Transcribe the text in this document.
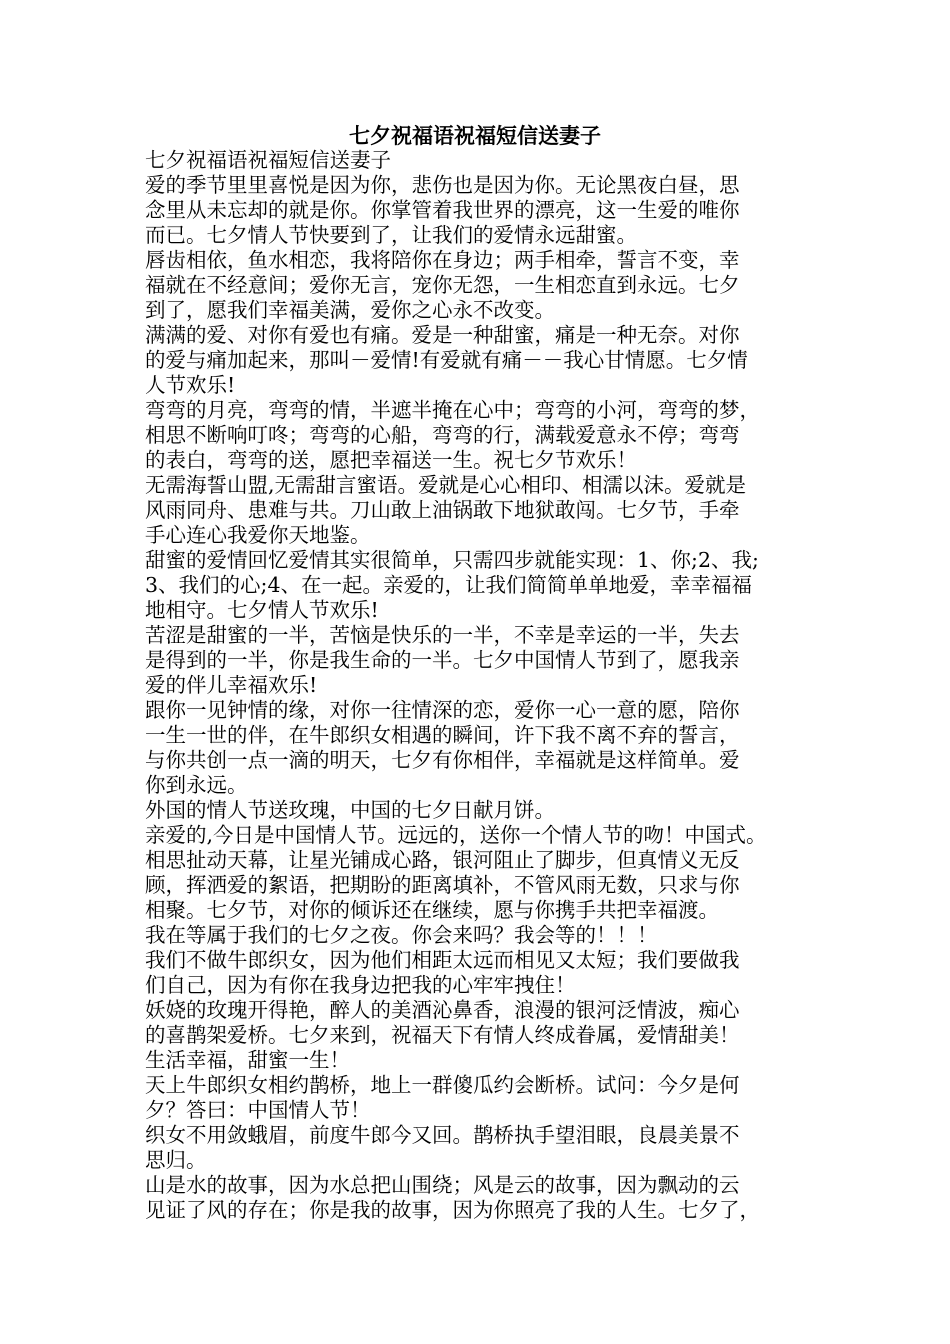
七夕祝福语祝福短信送妻子

七夕祝福语祝福短信送妻子

爱的季节里里喜悦是因为你，悲伤也是因为你。无论黑夜白昼，思
念里从未忘却的就是你。你掌管着我世界的漂亮，这一生爱的唯你
而已。七夕情人节快要到了，让我们的爱情永远甜蜜。

唇齿相依，鱼水相恋，我将陪你在身边；两手相牵，誓言不变，幸
福就在不经意间；爱你无言，宠你无怨，一生相恋直到永远。七夕
到了，愿我们幸福美满，爱你之心永不改变。

满满的爱、对你有爱也有痛。爱是一种甜蜜，痛是一种无奈。对你
的爱与痛加起来，那叫－爱情!有爱就有痛－－我心甘情愿。七夕情
人节欢乐!

弯弯的月亮，弯弯的情，半遮半掩在心中；弯弯的小河，弯弯的梦，
相思不断响叮咚；弯弯的心船，弯弯的行，满载爱意永不停；弯弯
的表白，弯弯的送，愿把幸福送一生。祝七夕节欢乐！

无需海誓山盟,无需甜言蜜语。爱就是心心相印、相濡以沫。爱就是
风雨同舟、患难与共。刀山敢上油锅敢下地狱敢闯。七夕节，手牵
手心连心我爱你天地鉴。

甜蜜的爱情回忆爱情其实很简单，只需四步就能实现：1、你;2、我;
3、我们的心;4、在一起。亲爱的，让我们简简单单地爱，幸幸福福
地相守。七夕情人节欢乐!

苦涩是甜蜜的一半，苦恼是快乐的一半，不幸是幸运的一半，失去
是得到的一半，你是我生命的一半。七夕中国情人节到了，愿我亲
爱的伴儿幸福欢乐!

跟你一见钟情的缘，对你一往情深的恋，爱你一心一意的愿，陪你
一生一世的伴，在牛郎织女相遇的瞬间，许下我不离不弃的誓言，
与你共创一点一滴的明天，七夕有你相伴，幸福就是这样简单。爱
你到永远。

外国的情人节送玫瑰，中国的七夕日献月饼。

亲爱的,今日是中国情人节。远远的，送你一个情人节的吻！中国式。
相思扯动天幕，让星光铺成心路，银河阻止了脚步，但真情义无反
顾，挥洒爱的絮语，把期盼的距离填补，不管风雨无数，只求与你
相聚。七夕节，对你的倾诉还在继续，愿与你携手共把幸福渡。

我在等属于我们的七夕之夜。你会来吗？我会等的！！！

我们不做牛郎织女，因为他们相距太远而相见又太短；我们要做我
们自己，因为有你在我身边把我的心牢牢拽住！

妖娆的玫瑰开得艳，醉人的美酒沁鼻香，浪漫的银河泛情波，痴心
的喜鹊架爱桥。七夕来到，祝福天下有情人终成眷属，爱情甜美！
生活幸福，甜蜜一生！

天上牛郎织女相约鹊桥，地上一群傻瓜约会断桥。试问：今夕是何
夕？答曰：中国情人节！

织女不用敛蛾眉，前度牛郎今又回。鹊桥执手望泪眼，良晨美景不
思归。

山是水的故事，因为水总把山围绕；风是云的故事，因为飘动的云
见证了风的存在；你是我的故事，因为你照亮了我的人生。七夕了，
